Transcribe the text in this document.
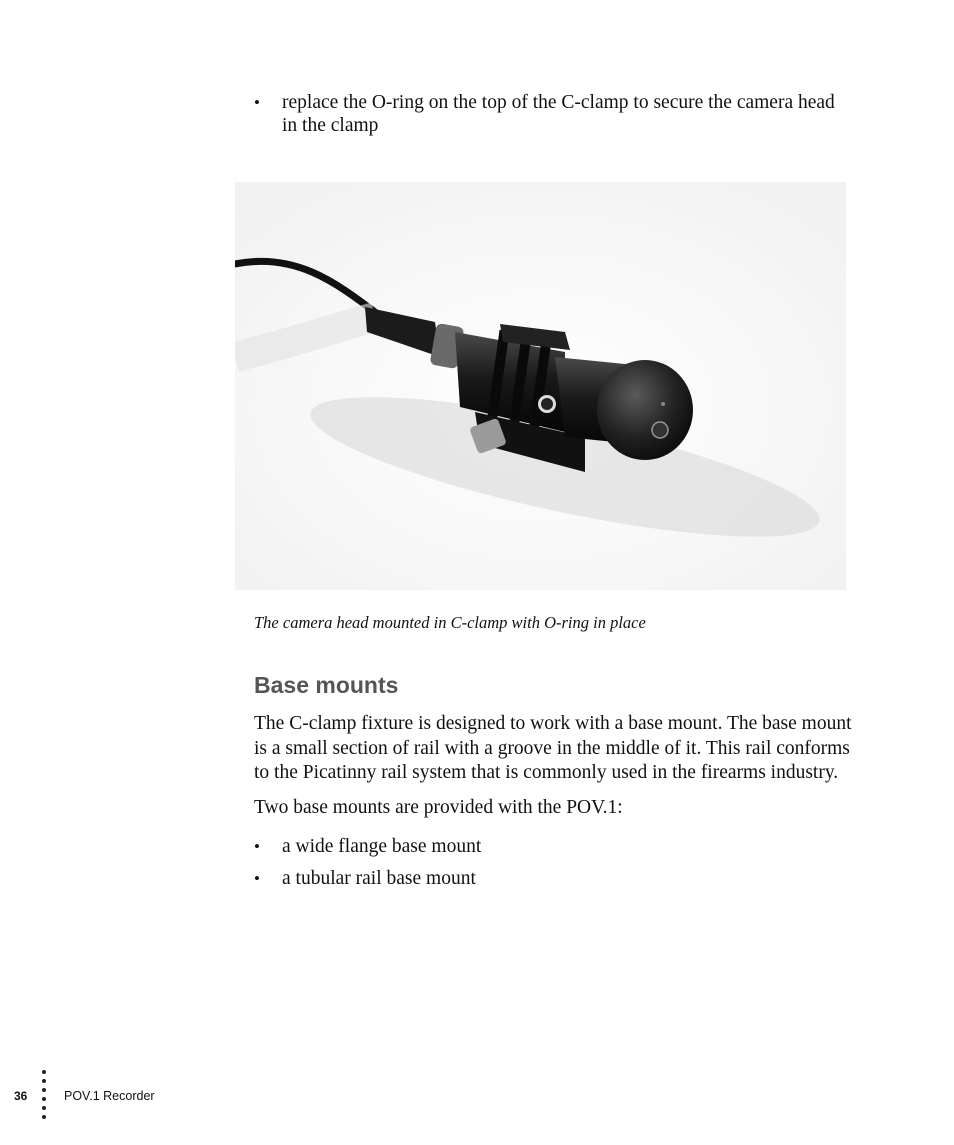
• replace the O-ring on the top of the C-clamp to secure the camera head in the clamp
The camera head mounted in C-clamp with O-ring in place
Base mounts
The C-clamp fixture is designed to work with a base mount. The base mount is a small section of rail with a groove in the middle of it. This rail conforms to the Picatinny rail system that is commonly used in the firearms industry.
Two base mounts are provided with the POV.1:
• a wide flange base mount
• a tubular rail base mount
36	POV.1 Recorder
